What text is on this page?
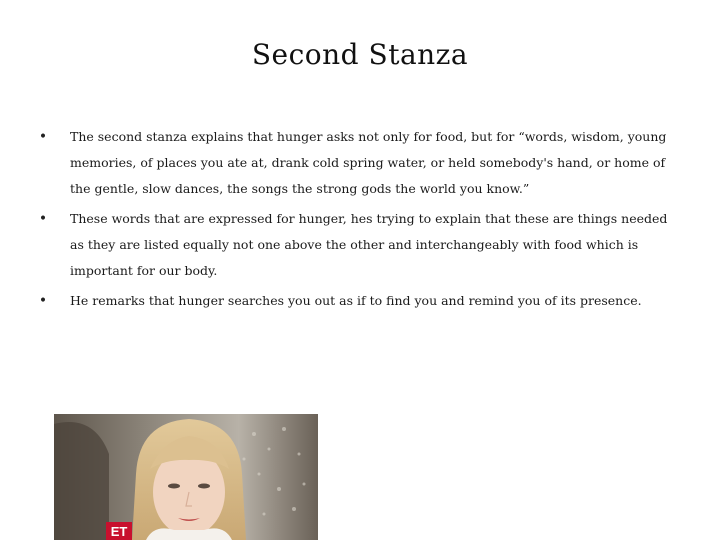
Second Stanza
• The second stanza explains that hunger asks not only for food, but for “words, wisdom, young memories, of places you ate at, drank cold spring water, or held somebody's hand, or home of the gentle, slow dances, the songs the strong gods the world you know.”
• These words that are expressed for hunger, hes trying to explain that these are things needed as they are listed equally not one above the other and interchangeably with food which is important for our body.
• He remarks that hunger searches you out as if to find you and remind you of its presence.
ET
